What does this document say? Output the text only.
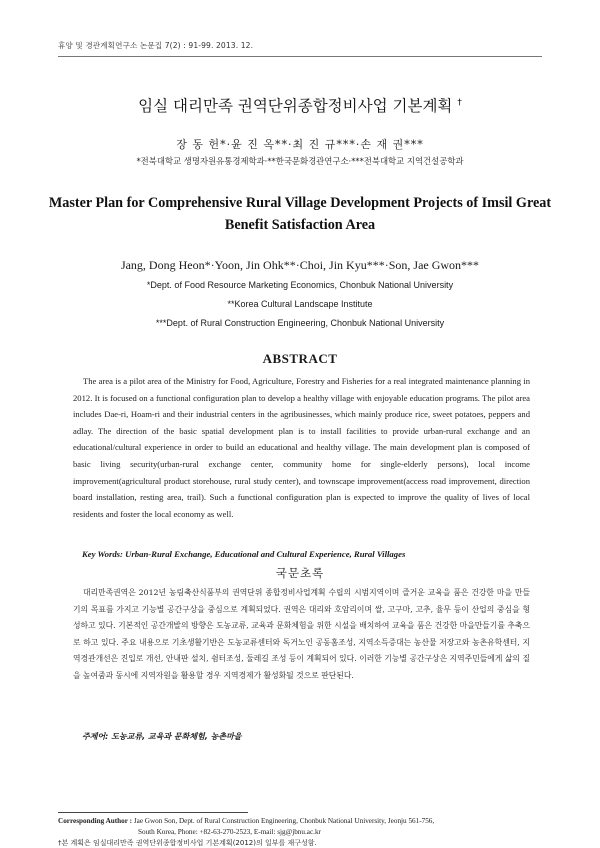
휴양 및 경관계획연구소 논문집 7(2) : 91-99. 2013. 12.
임실 대리만족 권역단위종합정비사업 기본계획 †
장 동 헌*·윤 진 옥**·최 진 규***·손 재 권***
*전북대학교 생명자원유통경제학과·**한국문화경관연구소·***전북대학교 지역건설공학과
Master Plan for Comprehensive Rural Village Development Projects of Imsil Great Benefit Satisfaction Area
Jang, Dong Heon*·Yoon, Jin Ohk**·Choi, Jin Kyu***·Son, Jae Gwon***
*Dept. of Food Resource Marketing Economics, Chonbuk National University
**Korea Cultural Landscape Institute
***Dept. of Rural Construction Engineering, Chonbuk National University
ABSTRACT
The area is a pilot area of the Ministry for Food, Agriculture, Forestry and Fisheries for a real integrated maintenance planning in 2012. It is focused on a functional configuration plan to develop a healthy village with enjoyable education programs. The pilot area includes Dae-ri, Hoam-ri and their industrial centers in the agribusinesses, which mainly produce rice, sweet potatoes, peppers and adlay. The direction of the basic spatial development plan is to install facilities to provide urban-rural exchange and an educational/cultural experience in order to build an educational and healthy village. The main development plan is composed of basic living security(urban-rural exchange center, community home for single-elderly persons), local income improvement(agricultural product storehouse, rural study center), and townscape improvement(access road improvement, direction board installation, resting area, trail). Such a functional configuration plan is expected to improve the quality of lives of local residents and foster the local economy as well.
Key Words: Urban-Rural Exchange, Educational and Cultural Experience, Rural Villages
국문초록
대리만족권역은 2012년 농림축산식품부의 권역단위 종합정비사업계획 수립의 시범지역이며 즐거운 교육을 품은 건강한 마을 만들기의 목표를 가지고 기능별 공간구상을 중심으로 계획되었다. 권역은 대리와 호암리이며 쌀, 고구마, 고추, 율무 등이 산업의 중심을 형성하고 있다. 기본적인 공간개발의 방향은 도농교류, 교육과 문화체험을 위한 시설을 배치하여 교육을 품은 건강한 마을만들기를 추축으로 하고 있다. 주요 내용으로 기초생활기반은 도농교류센터와 독거노인 공동홈조성, 지역소득증대는 농산물 저장고와 농촌유학센터, 지역경관개선은 진입로 개선, 안내판 설치, 쉼터조성, 둘레길 조성 등이 계획되어 있다. 이러한 기능별 공간구상은 지역주민들에게 삶의 질을 높여줌과 동시에 지역자원을 활용할 경우 지역경제가 활성화될 것으로 판단된다.
주제어: 도농교류, 교육과 문화체험, 농촌마을
Corresponding Author : Jae Gwon Son, Dept. of Rural Construction Engineering, Chonbuk National University, Jeonju 561-756,
South Korea, Phone: +82-63-270-2523, E-mail: sjg@jbnu.ac.kr
†본 계획은 임실대리만족 권역단위종합정비사업 기본계획(2012)의 일부를 재구성함.
